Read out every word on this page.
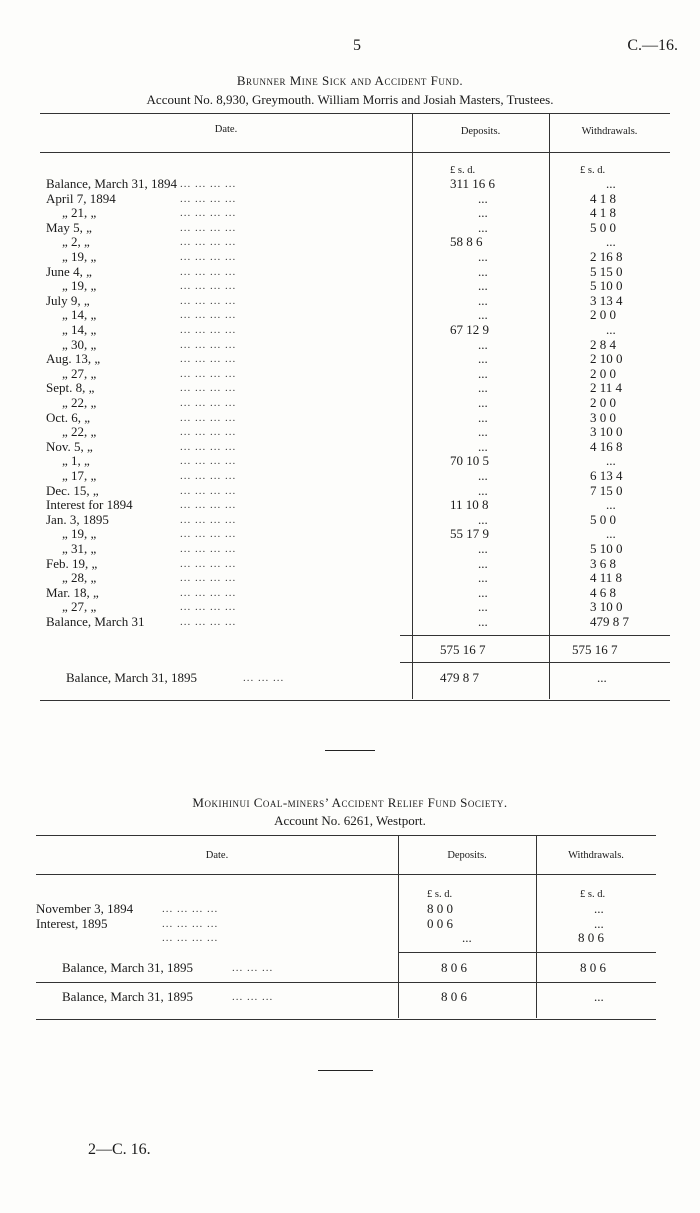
5	C.—16.
Brunner Mine Sick and Accident Fund.
Account No. 8,930, Greymouth. William Morris and Josiah Masters, Trustees.
Date.	Deposits.	Withdrawals.
£ s. d.	£ s. d.
Balance, March 31, 1894 ... ... ... ...	311 16 6	...
April 7, 1894	... ... ... ...	...	4 1 8
„ 21, „	... ... ... ...	...	4 1 8
May 5, „	... ... ... ...	...	5 0 0
„ 2, „	... ... ... ...	58 8 6	...
„ 19, „	... ... ... ...	...	2 16 8
June 4, „	... ... ... ...	...	5 15 0
„ 19, „	... ... ... ...	...	5 10 0
July 9, „	... ... ... ...	...	3 13 4
„ 14, „	... ... ... ...	...	2 0 0
„ 14, „	... ... ... ...	67 12 9	...
„ 30, „	... ... ... ...	...	2 8 4
Aug. 13, „	... ... ... ...	...	2 10 0
„ 27, „	... ... ... ...	...	2 0 0
Sept. 8, „	... ... ... ...	...	2 11 4
„ 22, „	... ... ... ...	...	2 0 0
Oct. 6, „	... ... ... ...	...	3 0 0
„ 22, „	... ... ... ...	...	3 10 0
Nov. 5, „	... ... ... ...	...	4 16 8
„ 1, „	... ... ... ...	70 10 5	...
„ 17, „	... ... ... ...	...	6 13 4
Dec. 15, „	... ... ... ...	...	7 15 0
Interest for 1894	... ... ... ...	11 10 8	...
Jan. 3, 1895	... ... ... ...	...	5 0 0
„ 19, „	... ... ... ...	55 17 9	...
„ 31, „	... ... ... ...	...	5 10 0
Feb. 19, „	... ... ... ...	...	3 6 8
„ 28, „	... ... ... ...	...	4 11 8
Mar. 18, „	... ... ... ...	...	4 6 8
„ 27, „	... ... ... ...	...	3 10 0
Balance, March 31	... ... ... ...	...	479 8 7
575 16 7	575 16 7
Balance, March 31, 1895	... ... ...	479 8 7	...
Mokihinui Coal-miners’ Accident Relief Fund Society.
Account No. 6261, Westport.
Date.	Deposits.	Withdrawals.
£ s. d.	£ s. d.
November 3, 1894	... ... ... ...	8 0 0	...
Interest, 1895	... ... ... ...	0 0 6	...
... ... ... ...	...	8 0 6
Balance, March 31, 1895	... ... ...	8 0 6	8 0 6
Balance, March 31, 1895	... ... ...	8 0 6	...
2—C. 16.
